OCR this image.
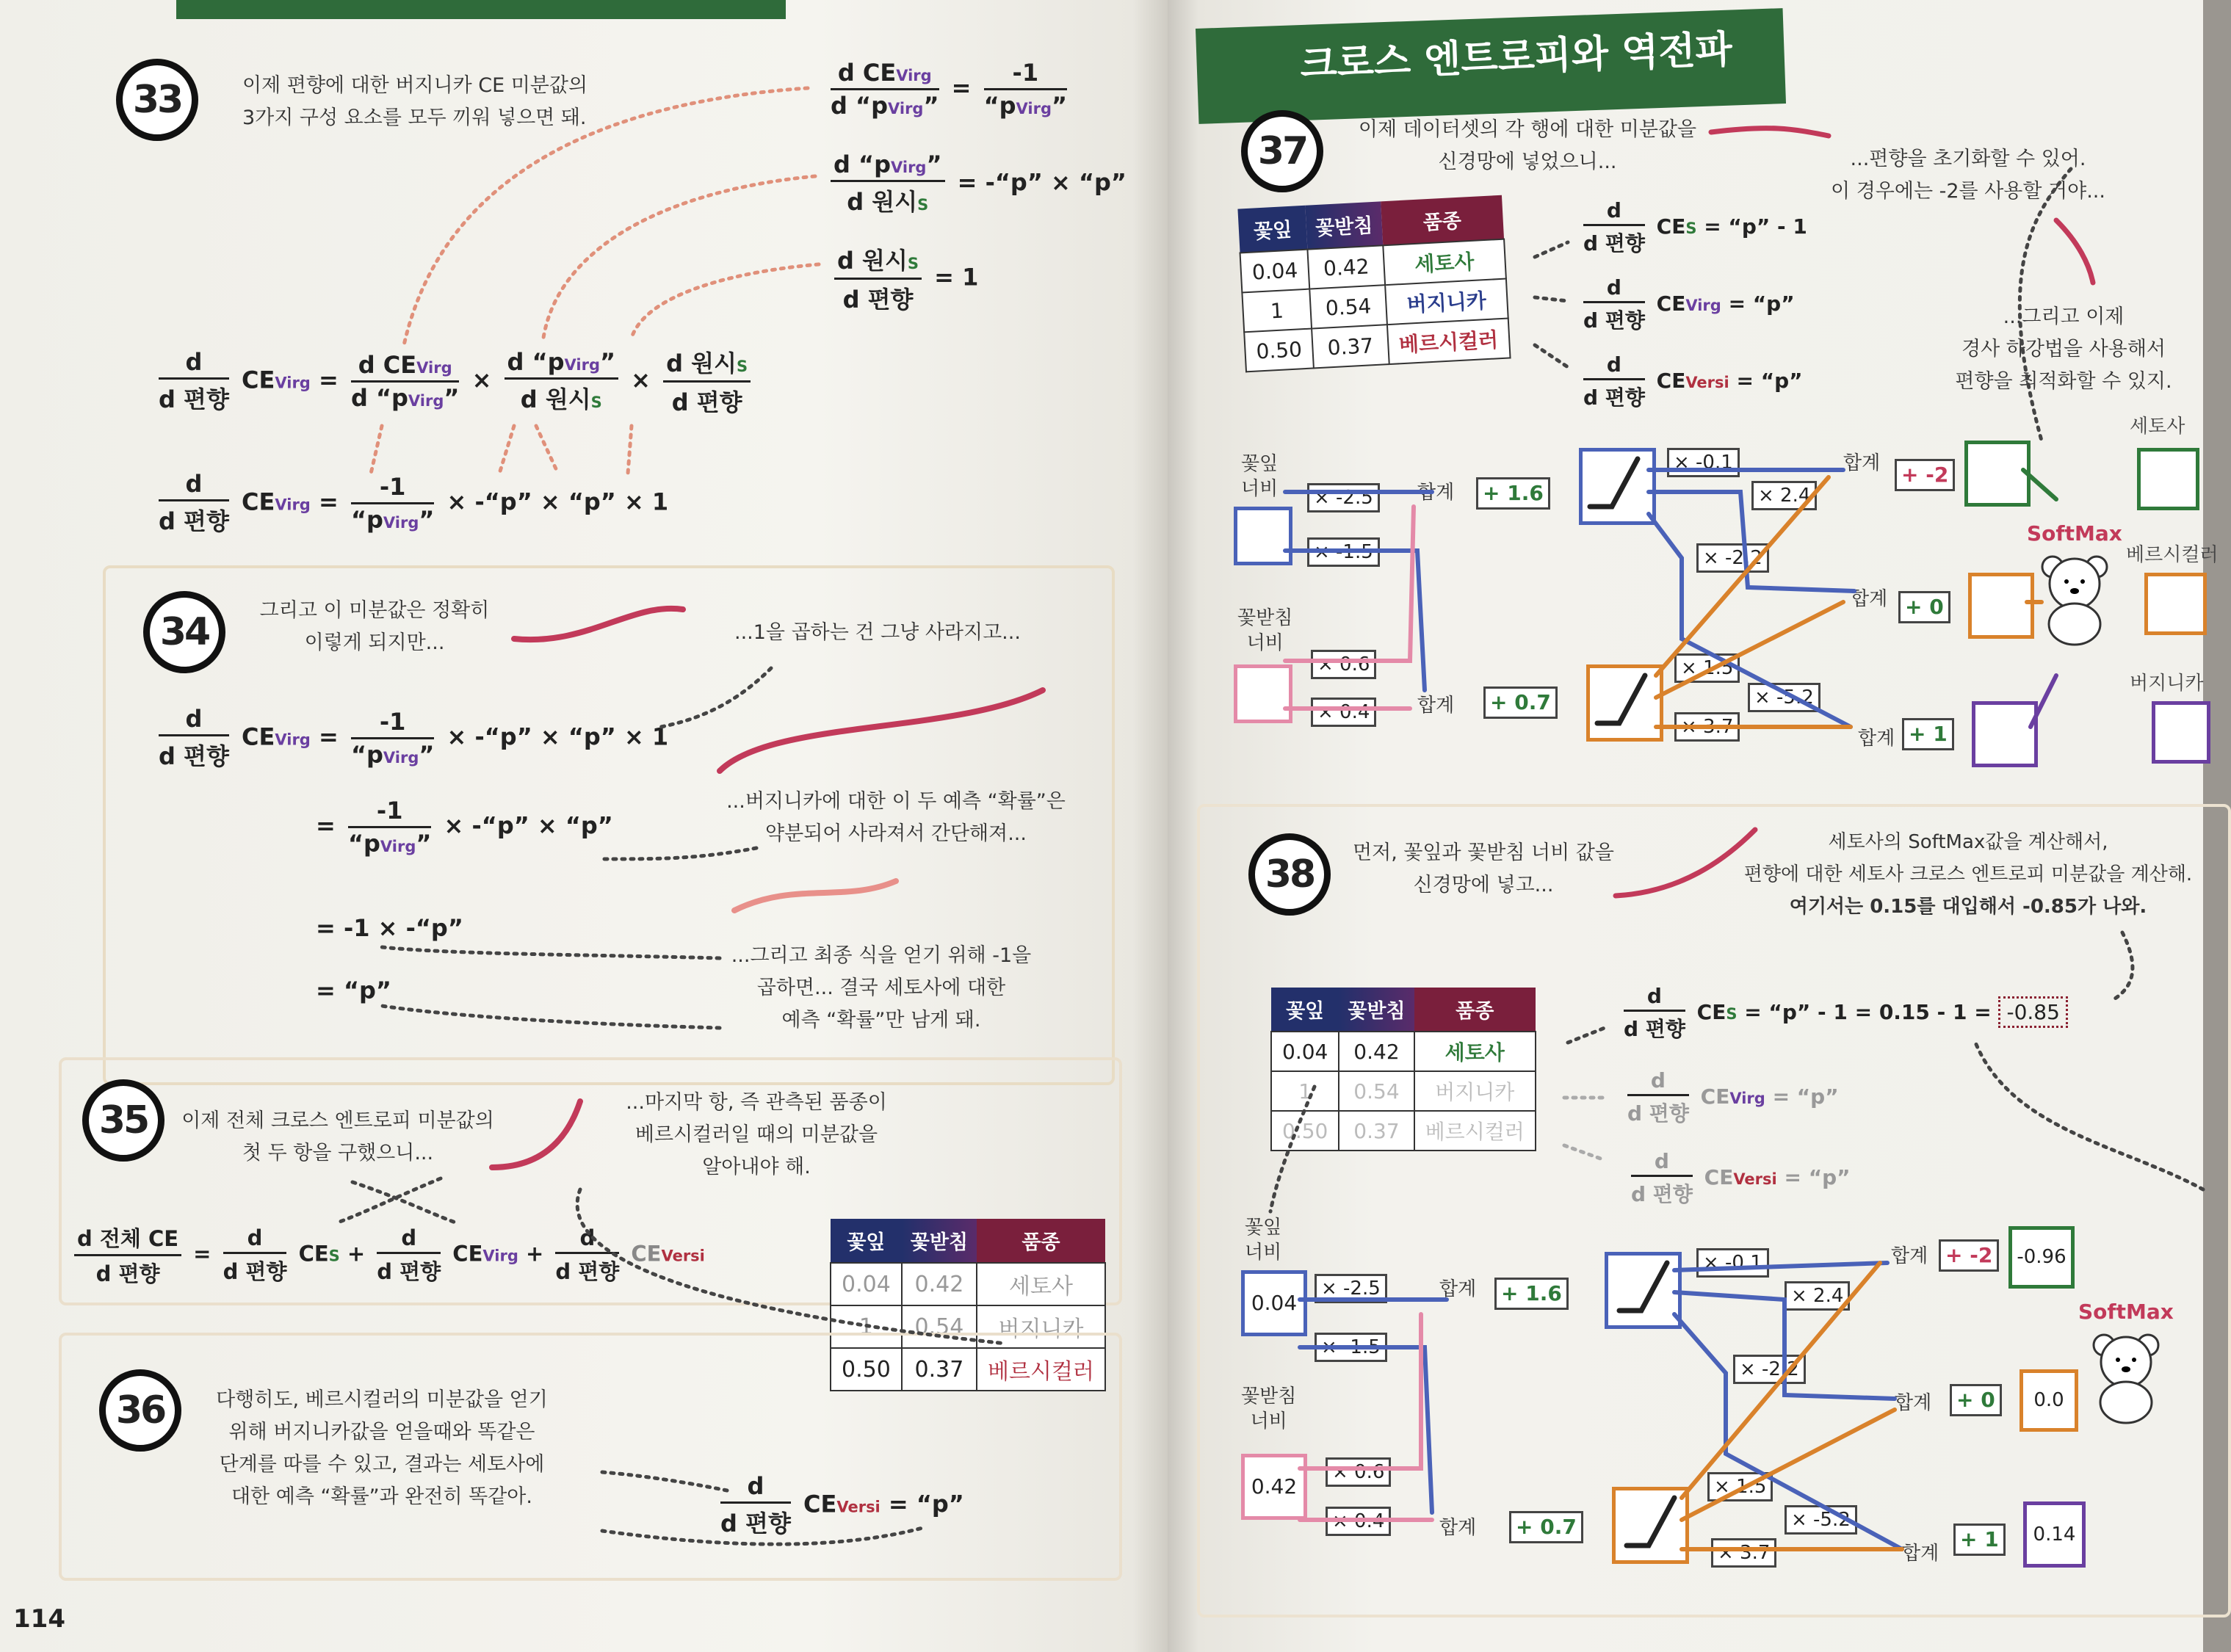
33	이제 편향에 대한 버지니카 CE 미분값의
3가지 구성 요소를 모두 끼워 넣으면 돼.	$\frac{\text{d CEVirg}}{\text{d “pVirg”}} = \frac{-1}{\text{“pVirg”}}$
$\frac{\text{d “pVirg”}}{\text{d 원시S}}$ = -“p” × “p”
$\frac{\text{d 원시S}}{\text{d 편향}} = 1$
$\frac{d}{\text{d 편향}}$ CEVirg = $\frac{\text{d CEVirg}}{\text{d “pVirg”}} \times \frac{\text{d “pVirg”}}{\text{d 원시S}} \times \frac{\text{d 원시S}}{\text{d 편향}}$
$\frac{d}{\text{d 편향}}$ CEVirg = $\frac{-1}{\text{“pVirg”}}$ × -“p” × “p” × 1
34	그리고 이 미분값은 정확히
이렇게 되지만...	...1을 곱하는 건 그냥 사라지고...
$\frac{d}{\text{d 편향}}$ CEVirg = $\frac{-1}{\text{“pVirg”}}$ × -“p” × “p” × 1
= $\frac{-1}{\text{“pVirg”}}$ × -“p” × “p”
...버지니카에 대한 이 두 예측 “확률”은
약분되어 사라져서 간단해져...
= -1 × -“p”
= “p”
...그리고 최종 식을 얻기 위해 -1을
곱하면... 결국 세토사에 대한
예측 “확률”만 남게 돼.
35	이제 전체 크로스 엔트로피 미분값의
첫 두 항을 구했으니...
...마지막 항, 즉 관측된 품종이
베르시컬러일 때의 미분값을
알아내야 해.
$\frac{\text{d 전체 CE}}{\text{d 편향}} = \frac{d}{\text{d 편향}}$ CES + $\frac{d}{\text{d 편향}}$ CEVirg + $\frac{d}{\text{d 편향}}$ CEVersi
꽃잎	꽃받침	품종
0.04	0.42	세토사
1	0.54	버지니카
0.50	0.37	베르시컬러
36	다행히도, 베르시컬러의 미분값을 얻기
위해 버지니카값을 얻을때와 똑같은
단계를 따를 수 있고, 결과는 세토사에
대한 예측 “확률”과 완전히 똑같아.	$\frac{d}{\text{d 편향}}$ CEVersi = “p”
114
크로스 엔트로피와 역전파
37	이제 데이터셋의 각 행에 대한 미분값을
신경망에 넣었으니...	...편향을 초기화할 수 있어.
이 경우에는 -2를 사용할 거야...
...그리고 이제
경사 하강법을 사용해서
편향을 최적화할 수 있지.
꽃잎	꽃받침	품종
0.04	0.42	세토사
1	0.54	버지니카
0.50	0.37	베르시컬러
$\frac{d}{\text{d 편향}}$ CES = “p” - 1
$\frac{d}{\text{d 편향}}$ CEVirg = “p”
$\frac{d}{\text{d 편향}}$ CEVersi = “p”
꽃잎
너비
꽃받침
너비
× -2.5
× -1.5
× 0.6
× 0.4
합계
합계
+ 1.6
+ 0.7
× -0.1
× 2.4
× -2.2
× 1.5
× -5.2
× 3.7
합계
합계
합계
+ -2
+ 0
+ 1
SoftMax
세토사
베르시컬러
버지니카
38	먼저, 꽃잎과 꽃받침 너비 값을
신경망에 넣고...
세토사의 SoftMax값을 계산해서,
편향에 대한 세토사 크로스 엔트로피 미분값을 계산해.
여기서는 0.15를 대입해서 -0.85가 나와.
꽃잎	꽃받침	품종
0.04	0.42	세토사
1	0.54	버지니카
0.50	0.37	베르시컬러
$\frac{d}{\text{d 편향}}$ CES = “p” - 1 = 0.15 - 1 = -0.85
$\frac{d}{\text{d 편향}}$ CEVirg = “p”
$\frac{d}{\text{d 편향}}$ CEVersi = “p”
꽃잎
너비
0.04
꽃받침
너비
0.42
× -2.5
× -1.5
× 0.6
× 0.4
합계
합계
+ 1.6
+ 0.7
× -0.1
× 2.4
× -2.2
× 1.5
× -5.2
× 3.7
합계
합계
합계
+ -2
+ 0
+ 1
-0.96
0.0
0.14
SoftMax
